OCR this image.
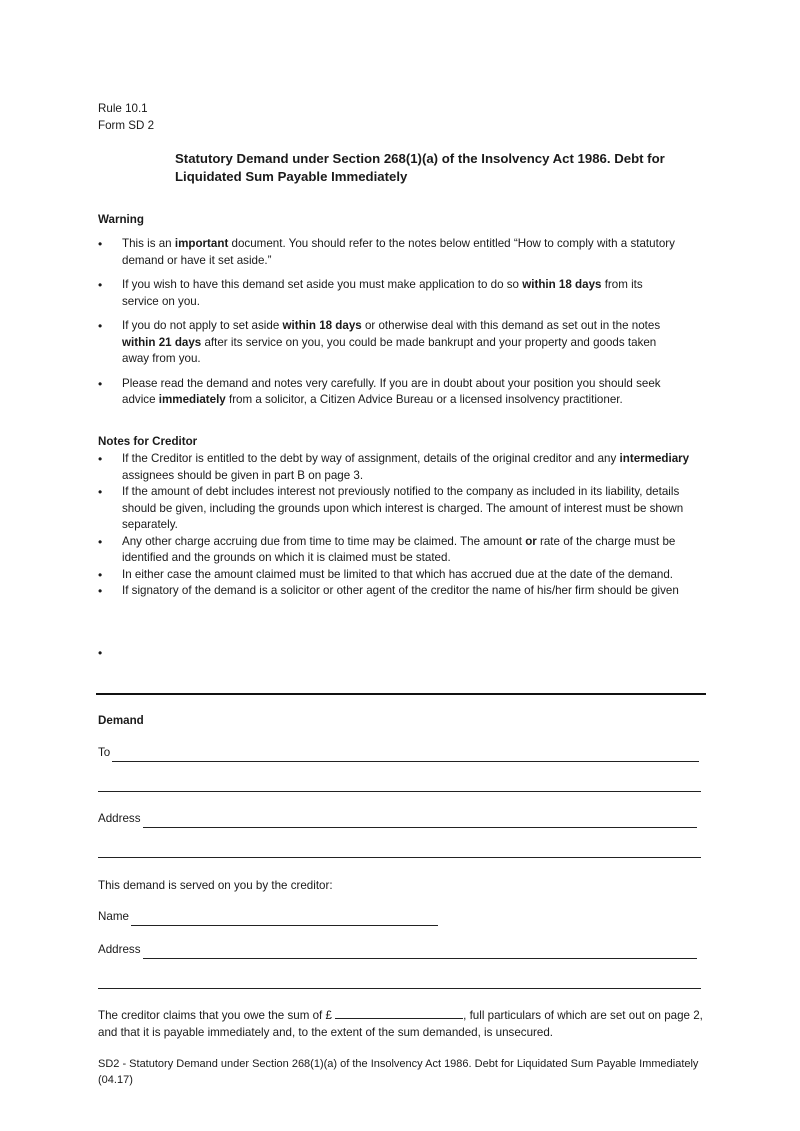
Rule 10.1
Form SD 2
Statutory Demand under Section 268(1)(a) of the Insolvency Act 1986. Debt for Liquidated Sum Payable Immediately
Warning
• This is an important document. You should refer to the notes below entitled “How to comply with a statutory demand or have it set aside.”
• If you wish to have this demand set aside you must make application to do so within 18 days from its service on you.
• If you do not apply to set aside within 18 days or otherwise deal with this demand as set out in the notes within 21 days after its service on you, you could be made bankrupt and your property and goods taken away from you.
• Please read the demand and notes very carefully. If you are in doubt about your position you should seek advice immediately from a solicitor, a Citizen Advice Bureau or a licensed insolvency practitioner.
Notes for Creditor
• If the Creditor is entitled to the debt by way of assignment, details of the original creditor and any intermediary assignees should be given in part B on page 3.
• If the amount of debt includes interest not previously notified to the company as included in its liability, details should be given, including the grounds upon which interest is charged. The amount of interest must be shown separately.
• Any other charge accruing due from time to time may be claimed. The amount or rate of the charge must be identified and the grounds on which it is claimed must be stated.
• In either case the amount claimed must be limited to that which has accrued due at the date of the demand.
• If signatory of the demand is a solicitor or other agent of the creditor the name of his/her firm should be given
•
Demand
To
Address
This demand is served on you by the creditor:
Name
Address
The creditor claims that you owe the sum of £	, full particulars of which are set out on page 2, and that it is payable immediately and, to the extent of the sum demanded, is unsecured.
SD2 - Statutory Demand under Section 268(1)(a) of the Insolvency Act 1986. Debt for Liquidated Sum Payable Immediately (04.17)
